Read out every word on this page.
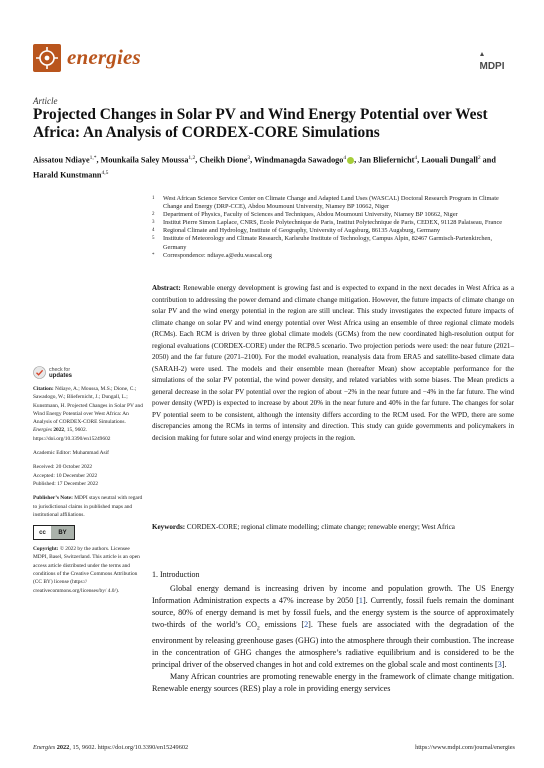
energies	MDPI
Article
Projected Changes in Solar PV and Wind Energy Potential over West Africa: An Analysis of CORDEX-CORE Simulations
Aissatou Ndiaye$^{1,*}$, Mounkaila Saley Moussa$^{1,2}$, Cheikh Dione$^3$, Windmanagda Sawadogo$^4$ , Jan Bliefernicht$^4$, Laouali Dungall$^2$ and Harald Kunstmann$^{4,5}$
1 West African Science Service Center on Climate Change and Adapted Land Uses (WASCAL) Doctoral Research Program in Climate Change and Energy (DRP-CCE), Abdou Moumouni University, Niamey BP 10662, Niger
2 Department of Physics, Faculty of Sciences and Techniques, Abdou Moumouni University, Niamey BP 10662, Niger
3 Institut Pierre Simon Laplace, CNRS, Ecole Polytechnique de Paris, Institut Polytechnique de Paris, CEDEX, 91128 Palaiseau, France
4 Regional Climate and Hydrology, Institute of Geography, University of Augsburg, 86135 Augsburg, Germany
5 Institute of Meteorology and Climate Research, Karlsruhe Institute of Technology, Campus Alpin, 82467 Garmisch-Partenkirchen, Germany
* Correspondence: ndiaye.a@edu.wascal.org
Abstract: Renewable energy development is growing fast and is expected to expand in the next decades in West Africa as a contribution to addressing the power demand and climate change mitigation. However, the future impacts of climate change on solar PV and the wind energy potential in the region are still unclear. This study investigates the expected future impacts of climate change on solar PV and wind energy potential over West Africa using an ensemble of three regional climate models (RCMs). Each RCM is driven by three global climate models (GCMs) from the new coordinated high-resolution output for regional evaluations (CORDEX-CORE) under the RCP8.5 scenario. Two projection periods were used: the near future (2021–2050) and the far future (2071–2100). For the model evaluation, reanalysis data from ERA5 and satellite-based climate data (SARAH-2) were used. The models and their ensemble mean (hereafter Mean) show acceptable performance for the simulations of the solar PV potential, the wind power density, and related variables with some biases. The Mean predicts a general decrease in the solar PV potential over the region of about −2% in the near future and −4% in the far future. The wind power density (WPD) is expected to increase by about 20% in the near future and 40% in the far future. The changes for solar PV potential seem to be consistent, although the intensity differs according to the RCM used. For the WPD, there are some discrepancies among the RCMs in terms of intensity and direction. This study can guide governments and policymakers in decision making for future solar and wind energy projects in the region.
Keywords: CORDEX-CORE; regional climate modelling; climate change; renewable energy; West Africa
check for
updates
Citation: Ndiaye, A.; Moussa, M.S.; Dione, C.; Sawadogo, W.; Bliefernicht, J.; Dungall, L.; Kunstmann, H. Projected Changes in Solar PV and Wind Energy Potential over West Africa: An Analysis of CORDEX-CORE Simulations. Energies 2022, 15, 9602. https://doi.org/10.3390/en15249602
Academic Editor: Muhammad Asif
Received: 20 October 2022
Accepted: 10 December 2022
Published: 17 December 2022
Publisher’s Note: MDPI stays neutral with regard to jurisdictional claims in published maps and institutional affiliations.
cc	BY
Copyright: © 2022 by the authors. Licensee MDPI, Basel, Switzerland. This article is an open access article distributed under the terms and conditions of the Creative Commons Attribution (CC BY) license (https:// creativecommons.org/licenses/by/ 4.0/).
1. Introduction

Global energy demand is increasing driven by income and population growth. The US Energy Information Administration expects a 47% increase by 2050 [1]. Currently, fossil fuels remain the dominant source, 80% of energy demand is met by fossil fuels, and the energy system is the source of approximately two-thirds of the world’s $CO_2$ emissions [2]. These fuels are associated with the degradation of the environment by releasing greenhouse gases (GHG) into the atmosphere through their combustion. The increase in the concentration of GHG changes the atmosphere’s radiative equilibrium and is considered to be the principal driver of the observed changes in hot and cold extremes on the global scale and most continents [3].

Many African countries are promoting renewable energy in the framework of climate change mitigation. Renewable energy sources (RES) play a role in providing energy services

Energies 2022, 15, 9602. https://doi.org/10.3390/en15249602	https://www.mdpi.com/journal/energies
